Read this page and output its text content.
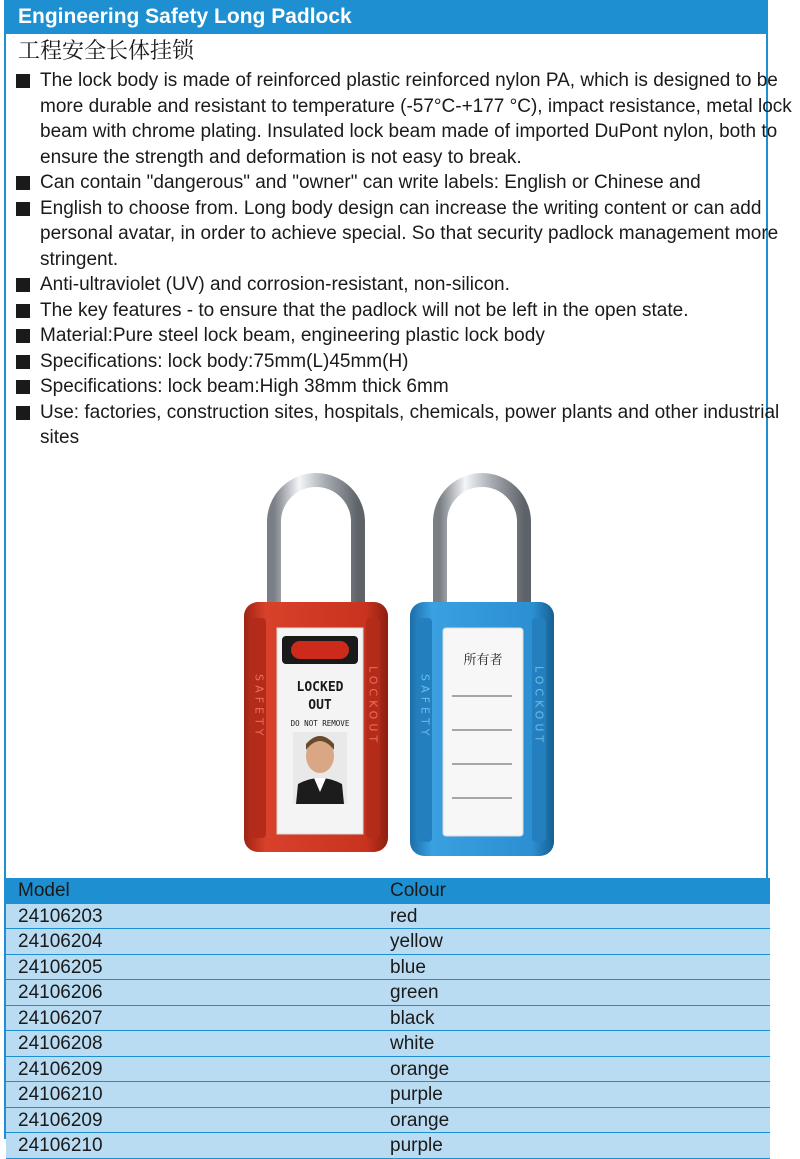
Engineering Safety Long Padlock
工程安全长体挂锁
The lock body is made of reinforced plastic reinforced nylon PA, which is designed to be more durable and resistant to temperature (-57°C-+177 °C), impact resistance, metal lock beam with chrome plating. Insulated lock beam made of imported DuPont nylon, both to ensure the strength and deformation is not easy to break.
Can contain "dangerous" and "owner" can write labels: English or Chinese and
English to choose from. Long body design can increase the writing content or can add personal avatar, in order to achieve special. So that security padlock management more stringent.
Anti-ultraviolet (UV) and corrosion-resistant, non-silicon.
The key features - to ensure that the padlock will not be left in the open state.
Material:Pure steel lock beam, engineering plastic lock body
Specifications: lock body:75mm(L)45mm(H)
Specifications: lock beam:High 38mm thick 6mm
Use: factories, construction sites, hospitals, chemicals, power plants and other industrial sites
LOCKED
OUT
DO NOT REMOVE
SAFETY	LOCKOUT
所有者
SAFETY	LOCKOUT
Model	Colour
24106203	red
24106204	yellow
24106205	blue
24106206	green
24106207	black
24106208	white
24106209	orange
24106210	purple
24106209	orange
24106210	purple
